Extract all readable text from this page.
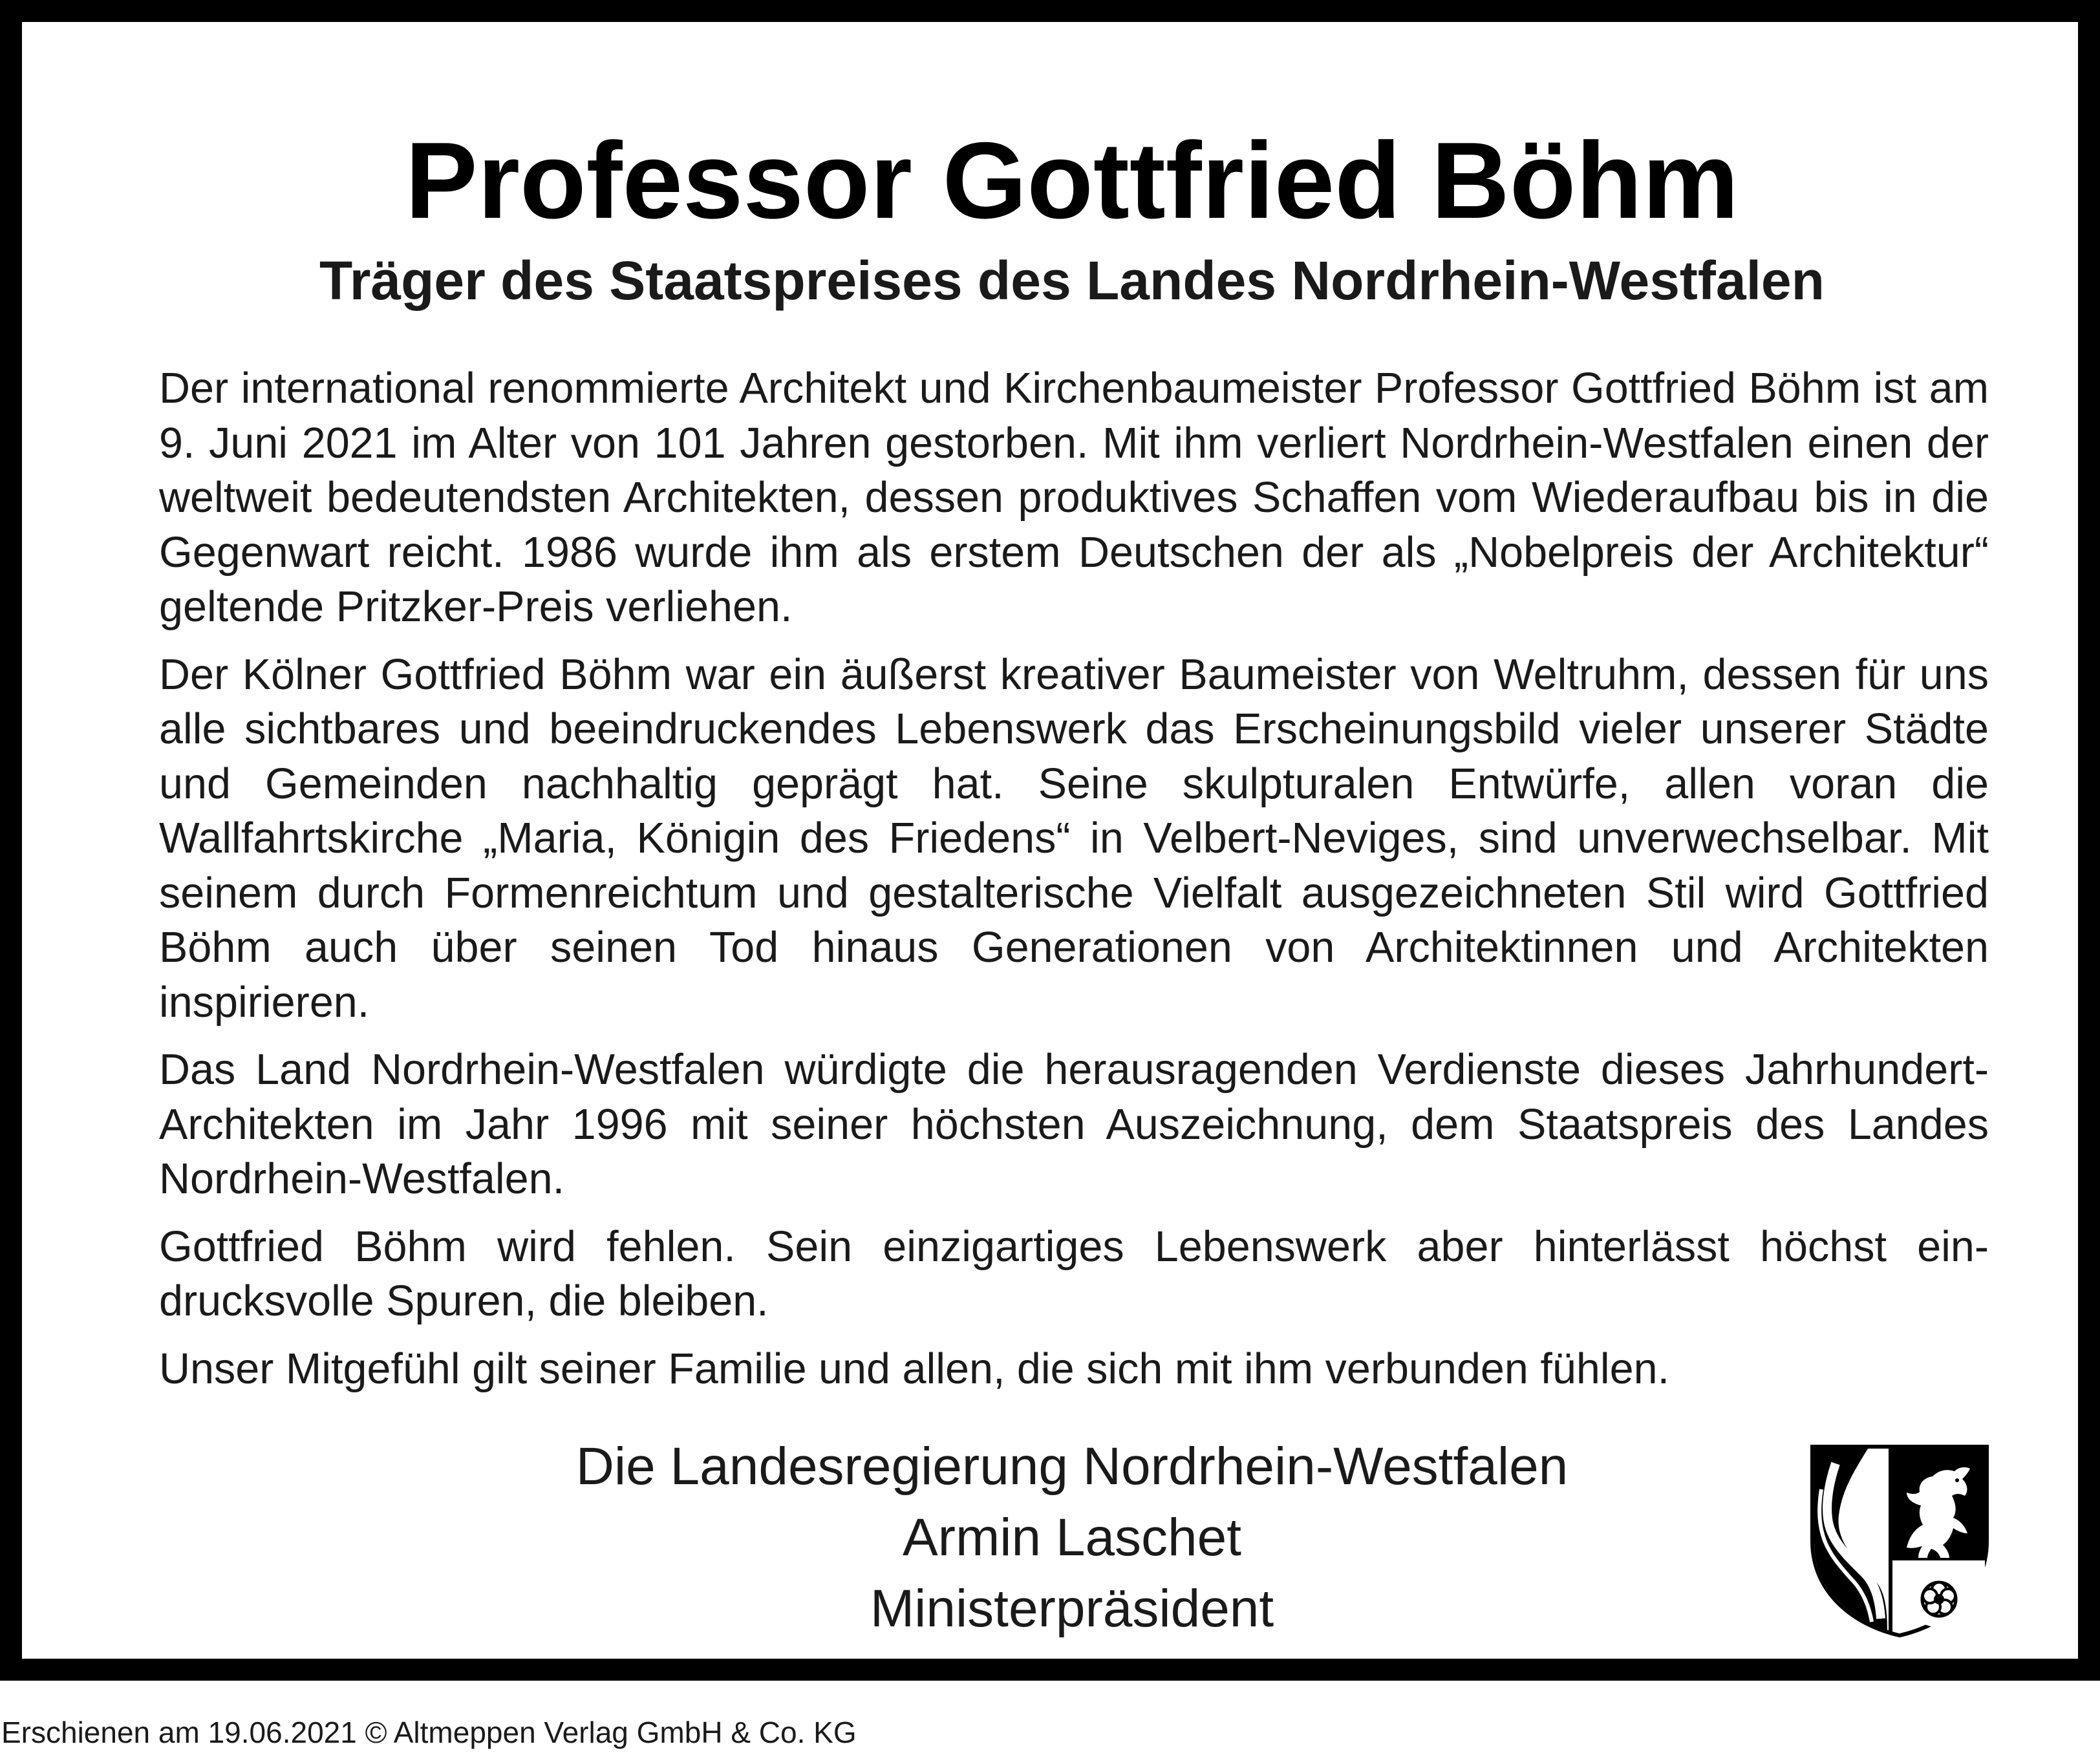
Professor Gottfried Böhm
Träger des Staatspreises des Landes Nordrhein-Westfalen

Der international renommierte Architekt und Kirchenbaumeister Professor Gottfried Böhm ist am 9. Juni 2021 im Alter von 101 Jahren gestorben. Mit ihm verliert Nordrhein-Westfalen einen der weltweit bedeutendsten Architekten, dessen produktives Schaffen vom Wiederaufbau bis in die Gegenwart reicht. 1986 wurde ihm als erstem Deutschen der als „Nobelpreis der Architektur“ geltende Pritzker-Preis verliehen.

Der Kölner Gottfried Böhm war ein äußerst kreativer Baumeister von Weltruhm, dessen für uns alle sichtbares und beeindruckendes Lebenswerk das Erscheinungsbild vieler unserer Städte und Gemeinden nachhaltig geprägt hat. Seine skulpturalen Entwürfe, allen voran die Wallfahrtskirche „Maria, Königin des Friedens“ in Velbert-Neviges, sind unverwechselbar. Mit seinem durch Formenreichtum und gestalterische Vielfalt ausgezeichneten Stil wird Gottfried Böhm auch über seinen Tod hinaus Generationen von Architektinnen und Architekten inspirieren.

Das Land Nordrhein-Westfalen würdigte die herausragenden Verdienste dieses Jahrhundert-Architekten im Jahr 1996 mit seiner höchsten Auszeichnung, dem Staatspreis des Landes Nordrhein-Westfalen.

Gottfried Böhm wird fehlen. Sein einzigartiges Lebenswerk aber hinterlässt höchst eindrucksvolle Spuren, die bleiben.

Unser Mitgefühl gilt seiner Familie und allen, die sich mit ihm verbunden fühlen.

Die Landesregierung Nordrhein-Westfalen
Armin Laschet
Ministerpräsident
Erschienen am 19.06.2021 © Altmeppen Verlag GmbH & Co. KG
